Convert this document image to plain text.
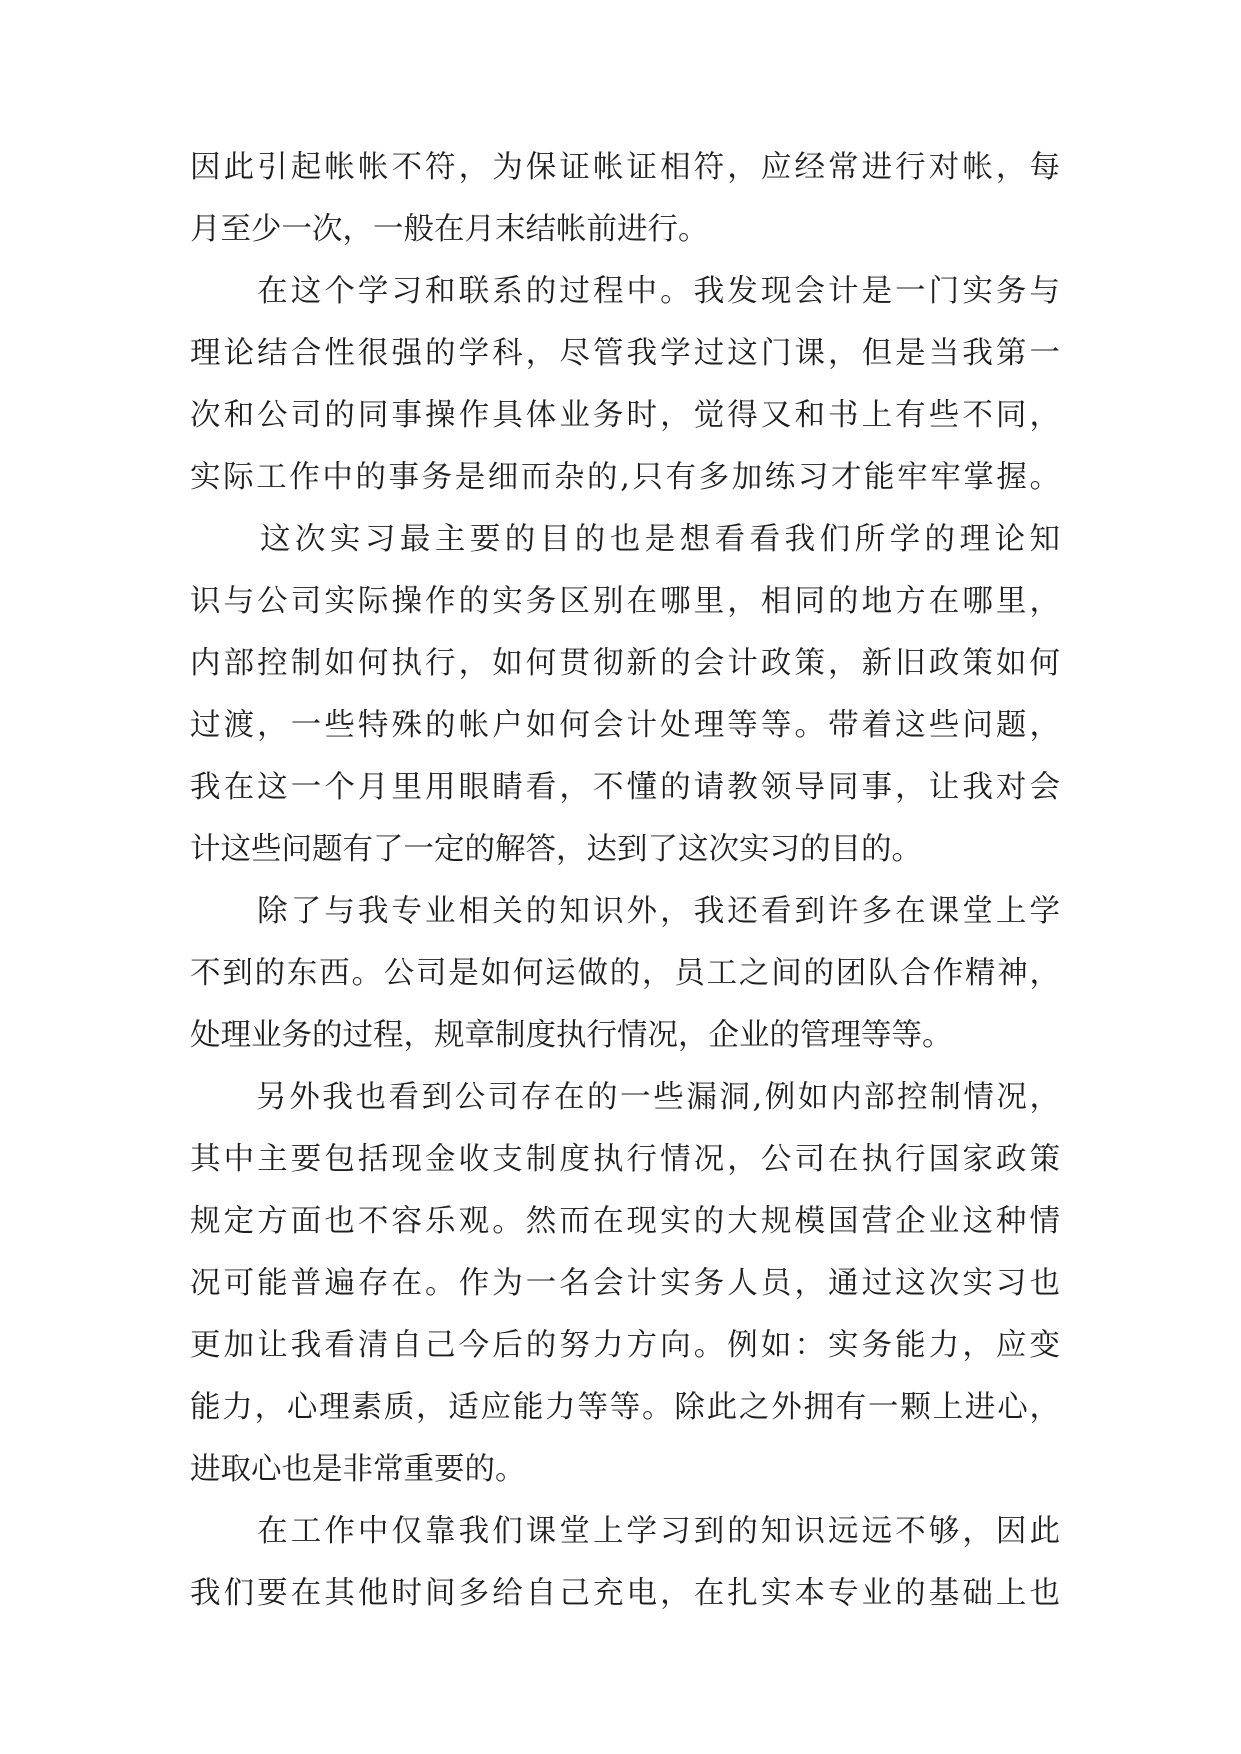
因此引起帐帐不符，为保证帐证相符，应经常进行对帐，每
月至少一次，一般在月末结帐前进行。
　　在这个学习和联系的过程中。我发现会计是一门实务与
理论结合性很强的学科，尽管我学过这门课，但是当我第一
次和公司的同事操作具体业务时，觉得又和书上有些不同，
实际工作中的事务是细而杂的,只有多加练习才能牢牢掌握。
　　这次实习最主要的目的也是想看看我们所学的理论知
识与公司实际操作的实务区别在哪里，相同的地方在哪里，
内部控制如何执行，如何贯彻新的会计政策，新旧政策如何
过渡，一些特殊的帐户如何会计处理等等。带着这些问题，
我在这一个月里用眼睛看，不懂的请教领导同事，让我对会
计这些问题有了一定的解答，达到了这次实习的目的。
　　除了与我专业相关的知识外，我还看到许多在课堂上学
不到的东西。公司是如何运做的，员工之间的团队合作精神，
处理业务的过程，规章制度执行情况，企业的管理等等。
　　另外我也看到公司存在的一些漏洞,例如内部控制情况，
其中主要包括现金收支制度执行情况，公司在执行国家政策
规定方面也不容乐观。然而在现实的大规模国营企业这种情
况可能普遍存在。作为一名会计实务人员，通过这次实习也
更加让我看清自己今后的努力方向。例如：实务能力，应变
能力，心理素质，适应能力等等。除此之外拥有一颗上进心，
进取心也是非常重要的。
　　在工作中仅靠我们课堂上学习到的知识远远不够，因此
我们要在其他时间多给自己充电，在扎实本专业的基础上也
